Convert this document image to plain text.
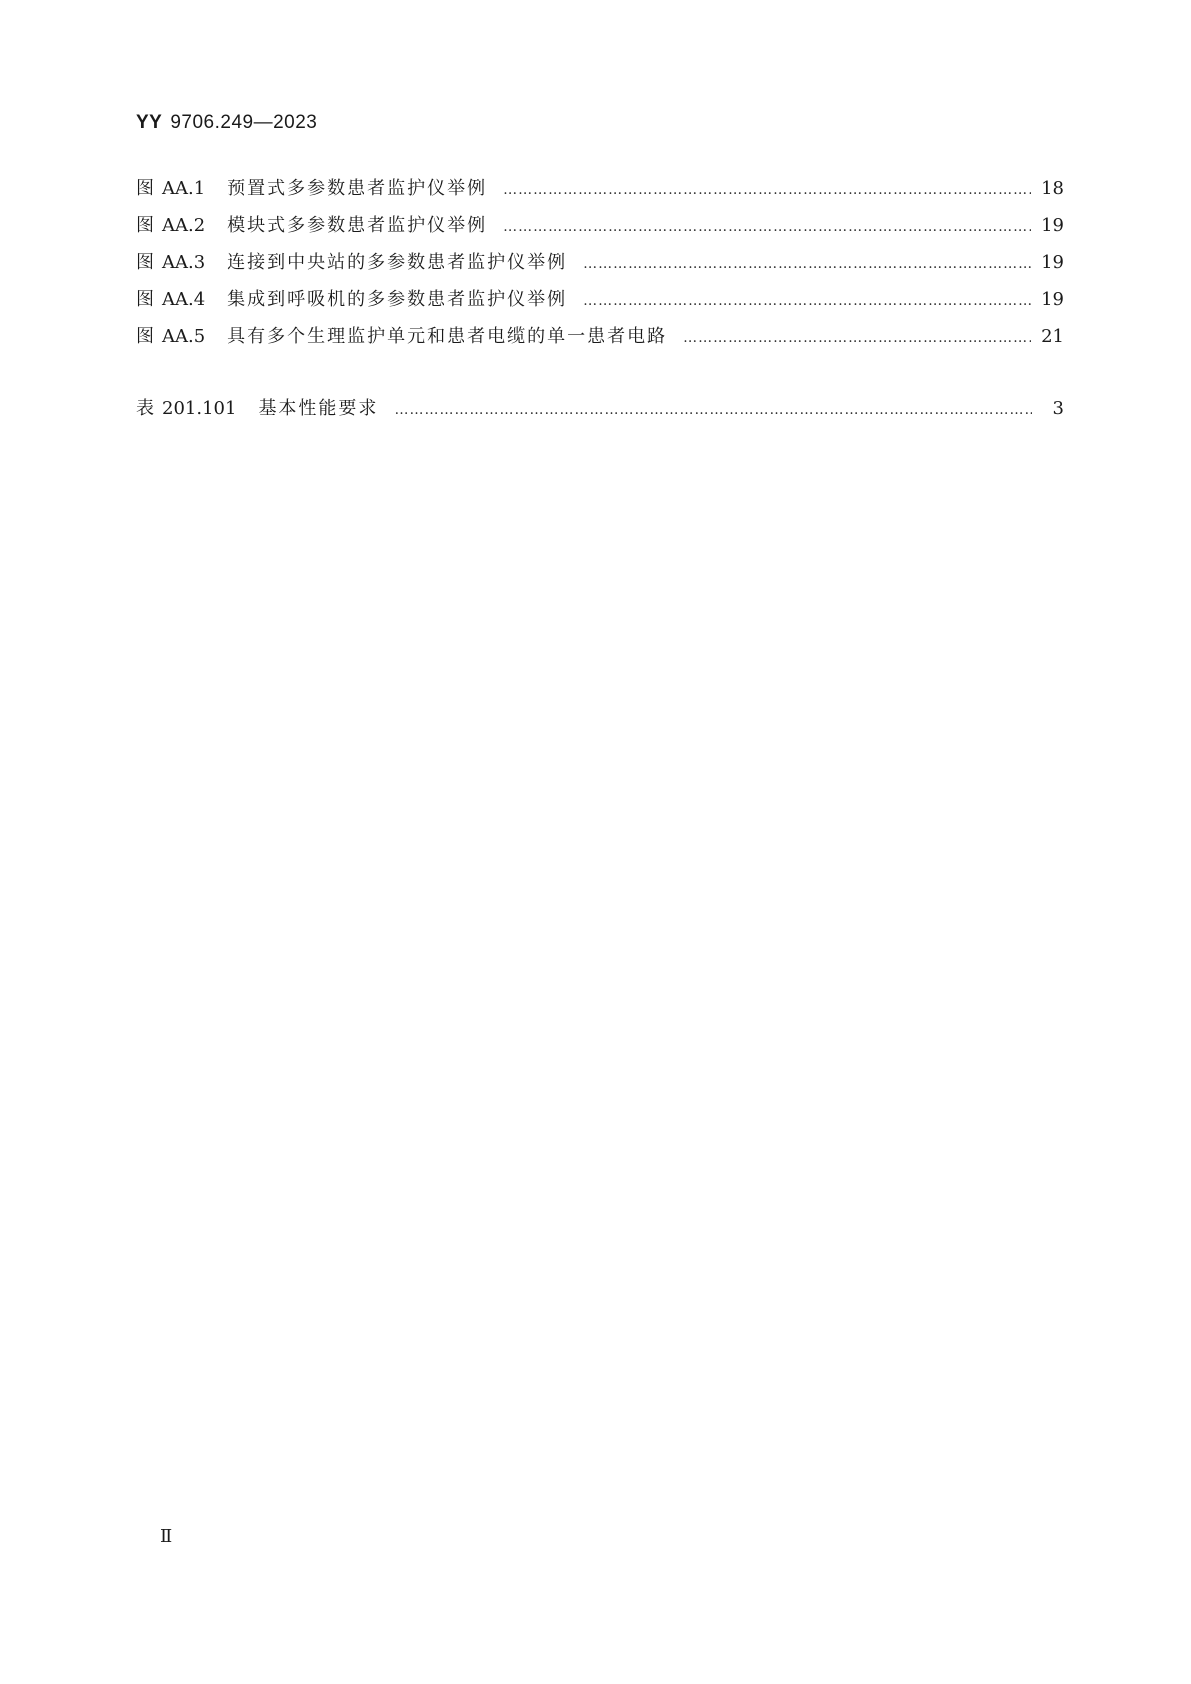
YY 9706.249—2023
图 AA.1 预置式多参数患者监护仪举例 …………………………………………………………………………………………………………………………………………………………	18
图 AA.2 模块式多参数患者监护仪举例 …………………………………………………………………………………………………………………………………………………………	19
图 AA.3 连接到中央站的多参数患者监护仪举例 …………………………………………………………………………………………………………………………………………………………	19
图 AA.4 集成到呼吸机的多参数患者监护仪举例 …………………………………………………………………………………………………………………………………………………………	19
图 AA.5 具有多个生理监护单元和患者电缆的单一患者电路 …………………………………………………………………………………………………………………………………………………………	21
表 201.101 基本性能要求 …………………………………………………………………………………………………………………………………………………………	3
Ⅱ
